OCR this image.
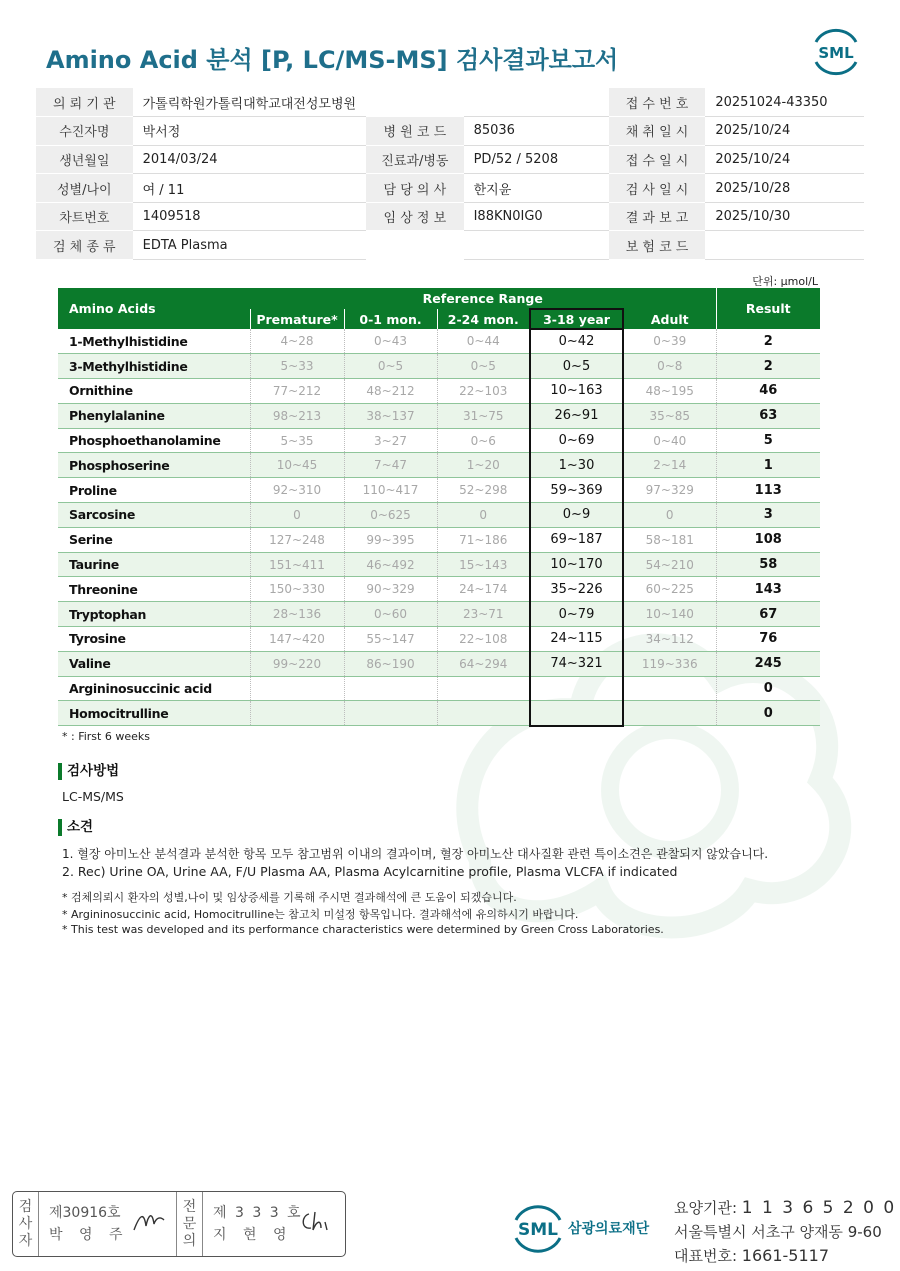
Amino Acid 분석 [P, LC/MS-MS] 검사결과보고서	SML
의 뢰 기 관	가톨릭학원가톨릭대학교대전성모병원			접 수 번 호	20251024-43350
수진자명	박서정	병 원 코 드	85036	채 취 일 시	2025/10/24
생년월일	2014/03/24	진료과/병동	PD/52 / 5208	접 수 일 시	2025/10/24
성별/나이	여 / 11	담 당 의 사	한지윤	검 사 일 시	2025/10/28
차트번호	1409518	임 상 정 보	I88KN0IG0	결 과 보 고	2025/10/30
검 체 종 류	EDTA Plasma			보 험 코 드	
단위: μmol/L
Amino Acids	Reference Range					Result
	Premature*	0-1 mon.	2-24 mon.	3-18 year	Adult	
1-Methylhistidine	4~28	0~43	0~44	0~42	0~39	2
3-Methylhistidine	5~33	0~5	0~5	0~5	0~8	2
Ornithine	77~212	48~212	22~103	10~163	48~195	46
Phenylalanine	98~213	38~137	31~75	26~91	35~85	63
Phosphoethanolamine	5~35	3~27	0~6	0~69	0~40	5
Phosphoserine	10~45	7~47	1~20	1~30	2~14	1
Proline	92~310	110~417	52~298	59~369	97~329	113
Sarcosine	0	0~625	0	0~9	0	3
Serine	127~248	99~395	71~186	69~187	58~181	108
Taurine	151~411	46~492	15~143	10~170	54~210	58
Threonine	150~330	90~329	24~174	35~226	60~225	143
Tryptophan	28~136	0~60	23~71	0~79	10~140	67
Tyrosine	147~420	55~147	22~108	24~115	34~112	76
Valine	99~220	86~190	64~294	74~321	119~336	245
Argininosuccinic acid						0
Homocitrulline						0
* : First 6 weeks
검사방법
LC-MS/MS
소견
1. 혈장 아미노산 분석결과 분석한 항목 모두 참고범위 이내의 결과이며, 혈장 아미노산 대사질환 관련 특이소견은 관찰되지 않았습니다.
2. Rec) Urine OA, Urine AA, F/U Plasma AA, Plasma Acylcarnitine profile, Plasma VLCFA if indicated
* 검체의뢰시 환자의 성별,나이 및 임상증세를 기록해 주시면 결과해석에 큰 도움이 되겠습니다.
* Argininosuccinic acid, Homocitrulline는 참고치 미설정 항목입니다. 결과해석에 유의하시기 바랍니다.
* This test was developed and its performance characteristics were determined by Green Cross Laboratories.
검
사
자
제30916호
박 영 주
전
문
의
제 3 3 3 호
지 현 영	SML 삼광의료재단
요양기관: 1 1 3 6 5 2 0 0
서울특별시 서초구 양재동 9-60
대표번호: 1661-5117
